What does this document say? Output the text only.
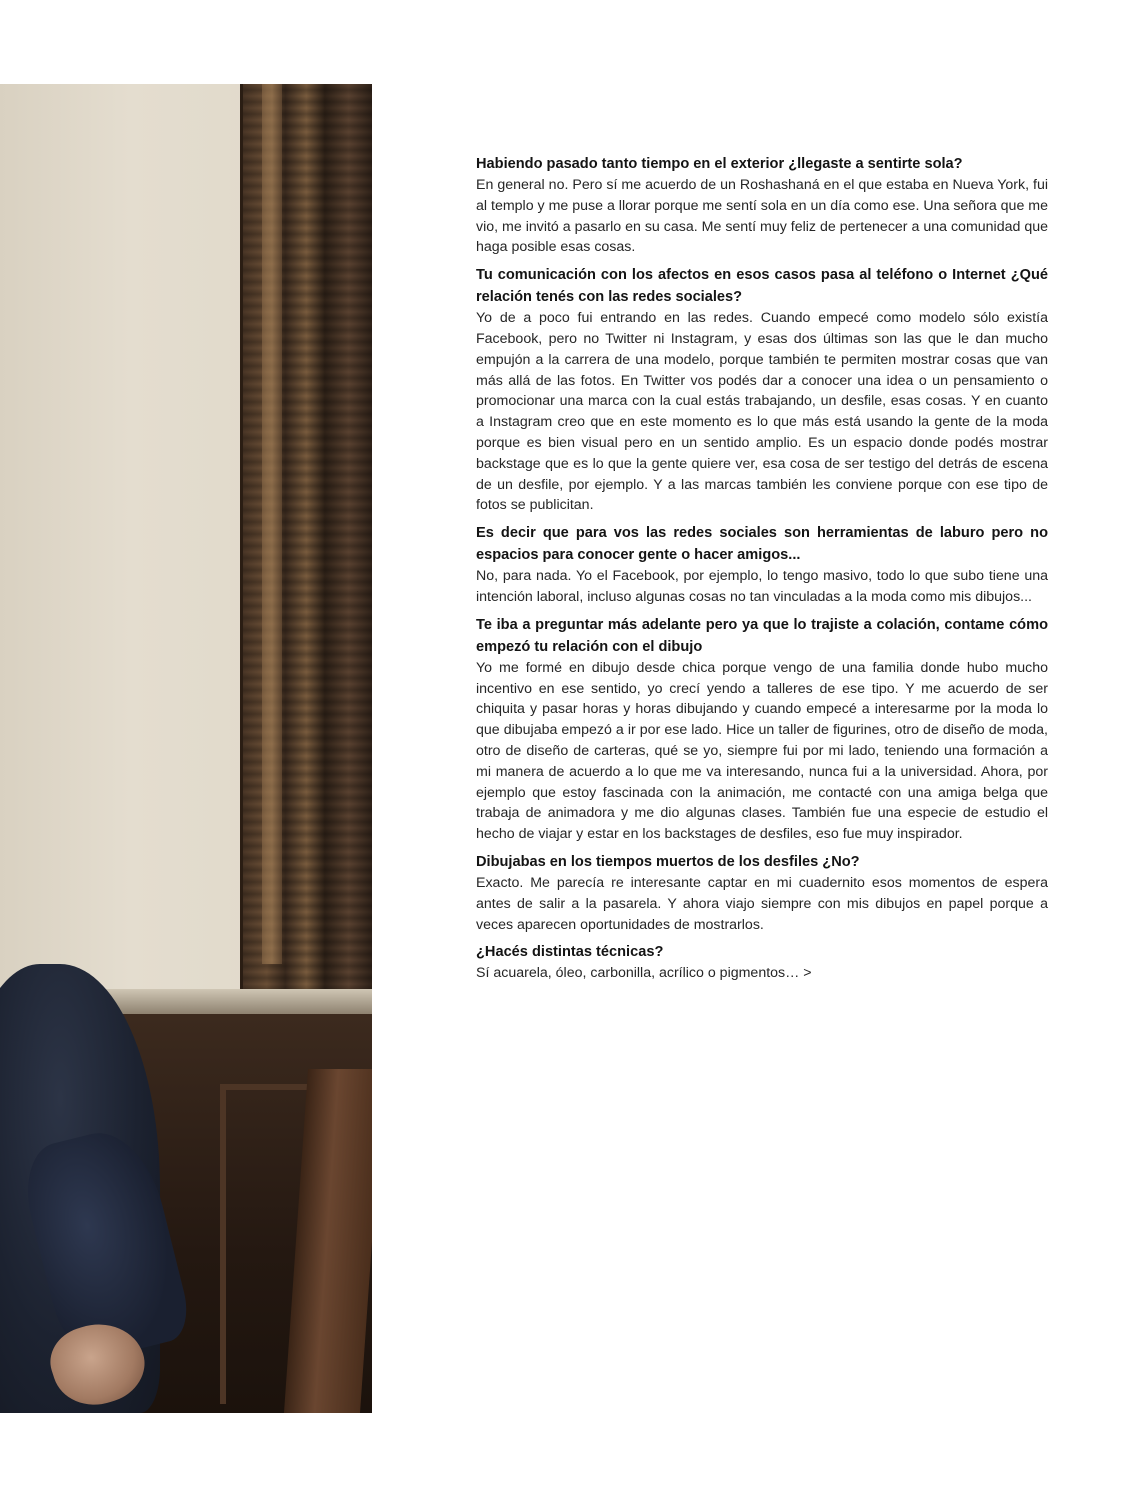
Habiendo pasado tanto tiempo en el exterior ¿llegaste a sentirte sola?

En general no. Pero sí me acuerdo de un Roshashaná en el que estaba en Nueva York, fui al templo y me puse a llorar porque me sentí sola en un día como ese. Una señora que me vio, me invitó a pasarlo en su casa. Me sentí muy feliz de pertenecer a una comunidad que haga posible esas cosas.

Tu comunicación con los afectos en esos casos pasa al teléfono o Internet ¿Qué relación tenés con las redes sociales?

Yo de a poco fui entrando en las redes. Cuando empecé como modelo sólo existía Facebook, pero no Twitter ni Instagram, y esas dos últimas son las que le dan mucho empujón a la carrera de una modelo, porque también te permiten mostrar cosas que van más allá de las fotos. En Twitter vos podés dar a conocer una idea o un pensamiento o promocionar una marca con la cual estás trabajando, un desfile, esas cosas. Y en cuanto a Instagram creo que en este momento es lo que más está usando la gente de la moda porque es bien visual pero en un sentido amplio. Es un espacio donde podés mostrar backstage que es lo que la gente quiere ver, esa cosa de ser testigo del detrás de escena de un desfile, por ejemplo. Y a las marcas también les conviene porque con ese tipo de fotos se publicitan.

Es decir que para vos las redes sociales son herramientas de laburo pero no espacios para conocer gente o hacer amigos...

No, para nada. Yo el Facebook, por ejemplo, lo tengo masivo, todo lo que subo tiene una intención laboral, incluso algunas cosas no tan vinculadas a la moda como mis dibujos...

Te iba a preguntar más adelante pero ya que lo trajiste a colación, contame cómo empezó tu relación con el dibujo

Yo me formé en dibujo desde chica porque vengo de una familia donde hubo mucho incentivo en ese sentido, yo crecí yendo a talleres de ese tipo. Y me acuerdo de ser chiquita y pasar horas y horas dibujando y cuando empecé a interesarme por la moda lo que dibujaba empezó a ir por ese lado. Hice un taller de figurines, otro de diseño de moda, otro de diseño de carteras, qué se yo, siempre fui por mi lado, teniendo una formación a mi manera de acuerdo a lo que me va interesando, nunca fui a la universidad. Ahora, por ejemplo que estoy fascinada con la animación, me contacté con una amiga belga que trabaja de animadora y me dio algunas clases. También fue una especie de estudio el hecho de viajar y estar en los backstages de desfiles, eso fue muy inspirador.

Dibujabas en los tiempos muertos de los desfiles ¿No?

Exacto. Me parecía re interesante captar en mi cuadernito esos momentos de espera antes de salir a la pasarela. Y ahora viajo siempre con mis dibujos en papel porque a veces aparecen oportunidades de mostrarlos.

¿Hacés distintas técnicas?

Sí acuarela, óleo, carbonilla, acrílico o pigmentos… >
